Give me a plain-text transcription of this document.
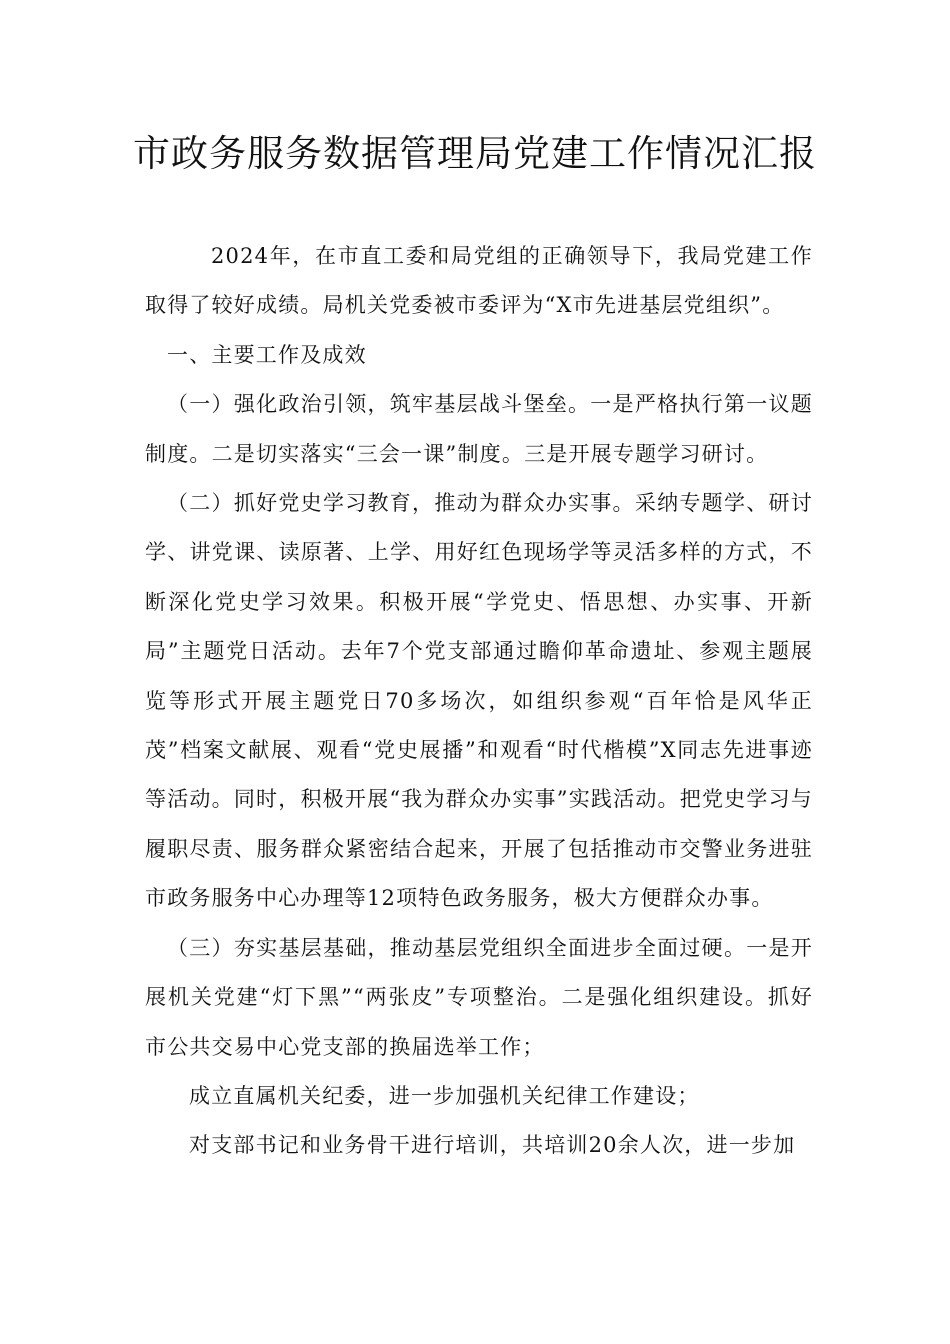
市政务服务数据管理局党建工作情况汇报

2024年，在市直工委和局党组的正确领导下，我局党建工作取得了较好成绩。局机关党委被市委评为“X市先进基层党组织”。

一、主要工作及成效

（一）强化政治引领，筑牢基层战斗堡垒。一是严格执行第一议题制度。二是切实落实“三会一课”制度。三是开展专题学习研讨。

（二）抓好党史学习教育，推动为群众办实事。采纳专题学、研讨学、讲党课、读原著、上学、用好红色现场学等灵活多样的方式，不断深化党史学习效果。积极开展“学党史、悟思想、办实事、开新局”主题党日活动。去年7个党支部通过瞻仰革命遗址、参观主题展览等形式开展主题党日70多场次，如组织参观“百年恰是风华正茂”档案文献展、观看“党史展播”和观看“时代楷模”X同志先进事迹等活动。同时，积极开展“我为群众办实事”实践活动。把党史学习与履职尽责、服务群众紧密结合起来，开展了包括推动市交警业务进驻市政务服务中心办理等12项特色政务服务，极大方便群众办事。

（三）夯实基层基础，推动基层党组织全面进步全面过硬。一是开展机关党建“灯下黑”“两张皮”专项整治。二是强化组织建设。抓好市公共交易中心党支部的换届选举工作；

成立直属机关纪委，进一步加强机关纪律工作建设；

对支部书记和业务骨干进行培训，共培训20余人次，进一步加
